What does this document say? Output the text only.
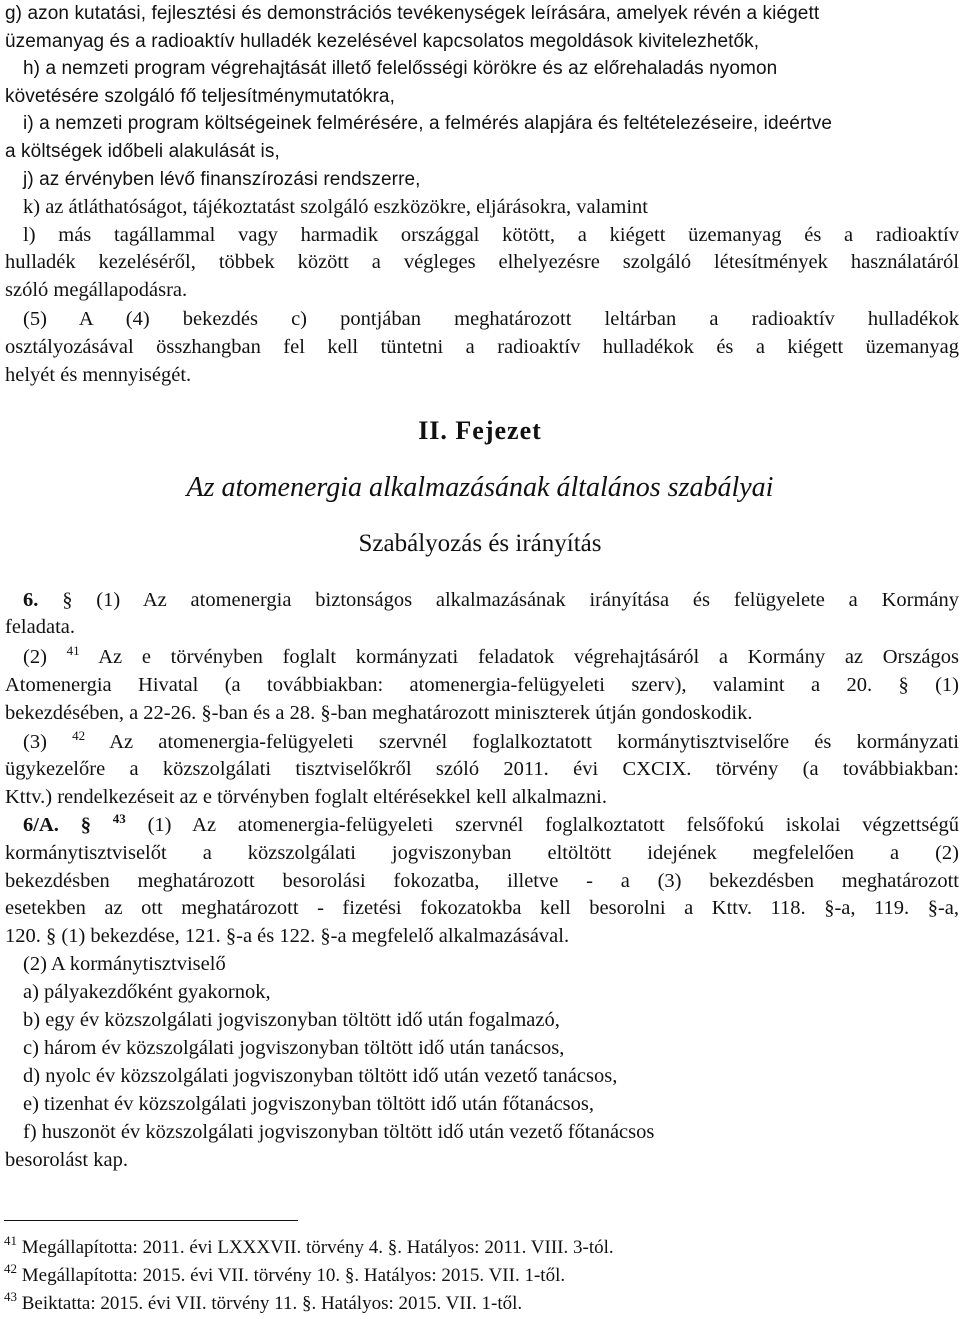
g) azon kutatási, fejlesztési és demonstrációs tevékenységek leírására, amelyek révén a kiégett
üzemanyag és a radioaktív hulladék kezelésével kapcsolatos megoldások kivitelezhetők,
h) a nemzeti program végrehajtását illető felelősségi körökre és az előrehaladás nyomon
követésére szolgáló fő teljesítménymutatókra,
i) a nemzeti program költségeinek felmérésére, a felmérés alapjára és feltételezéseire, ideértve
a költségek időbeli alakulását is,
j) az érvényben lévő finanszírozási rendszerre,
k) az átláthatóságot, tájékoztatást szolgáló eszközökre, eljárásokra, valamint
l) más tagállammal vagy harmadik országgal kötött, a kiégett üzemanyag és a radioaktív
hulladék kezeléséről, többek között a végleges elhelyezésre szolgáló létesítmények használatáról
szóló megállapodásra.
(5) A (4) bekezdés c) pontjában meghatározott leltárban a radioaktív hulladékok
osztályozásával összhangban fel kell tüntetni a radioaktív hulladékok és a kiégett üzemanyag
helyét és mennyiségét.
II. Fejezet
Az atomenergia alkalmazásának általános szabályai
Szabályozás és irányítás
6. § (1) Az atomenergia biztonságos alkalmazásának irányítása és felügyelete a Kormány
feladata.
(2) $^{41}$ Az e törvényben foglalt kormányzati feladatok végrehajtásáról a Kormány az Országos
Atomenergia Hivatal (a továbbiakban: atomenergia-felügyeleti szerv), valamint a 20. § (1)
bekezdésében, a 22-26. §-ban és a 28. §-ban meghatározott miniszterek útján gondoskodik.
(3) $^{42}$ Az atomenergia-felügyeleti szervnél foglalkoztatott kormánytisztviselőre és kormányzati
ügykezelőre a közszolgálati tisztviselőkről szóló 2011. évi CXCIX. törvény (a továbbiakban:
Kttv.) rendelkezéseit az e törvényben foglalt eltérésekkel kell alkalmazni.
6/A. § $^{43}$ (1) Az atomenergia-felügyeleti szervnél foglalkoztatott felsőfokú iskolai végzettségű
kormánytisztviselőt a közszolgálati jogviszonyban eltöltött idejének megfelelően a (2)
bekezdésben meghatározott besorolási fokozatba, illetve - a (3) bekezdésben meghatározott
esetekben az ott meghatározott - fizetési fokozatokba kell besorolni a Kttv. 118. §-a, 119. §-a,
120. § (1) bekezdése, 121. §-a és 122. §-a megfelelő alkalmazásával.
(2) A kormánytisztviselő
a) pályakezdőként gyakornok,
b) egy év közszolgálati jogviszonyban töltött idő után fogalmazó,
c) három év közszolgálati jogviszonyban töltött idő után tanácsos,
d) nyolc év közszolgálati jogviszonyban töltött idő után vezető tanácsos,
e) tizenhat év közszolgálati jogviszonyban töltött idő után főtanácsos,
f) huszonöt év közszolgálati jogviszonyban töltött idő után vezető főtanácsos
besorolást kap.
$^{41}$ Megállapította: 2011. évi LXXXVII. törvény 4. §. Hatályos: 2011. VIII. 3-tól.
$^{42}$ Megállapította: 2015. évi VII. törvény 10. §. Hatályos: 2015. VII. 1-től.
$^{43}$ Beiktatta: 2015. évi VII. törvény 11. §. Hatályos: 2015. VII. 1-től.
